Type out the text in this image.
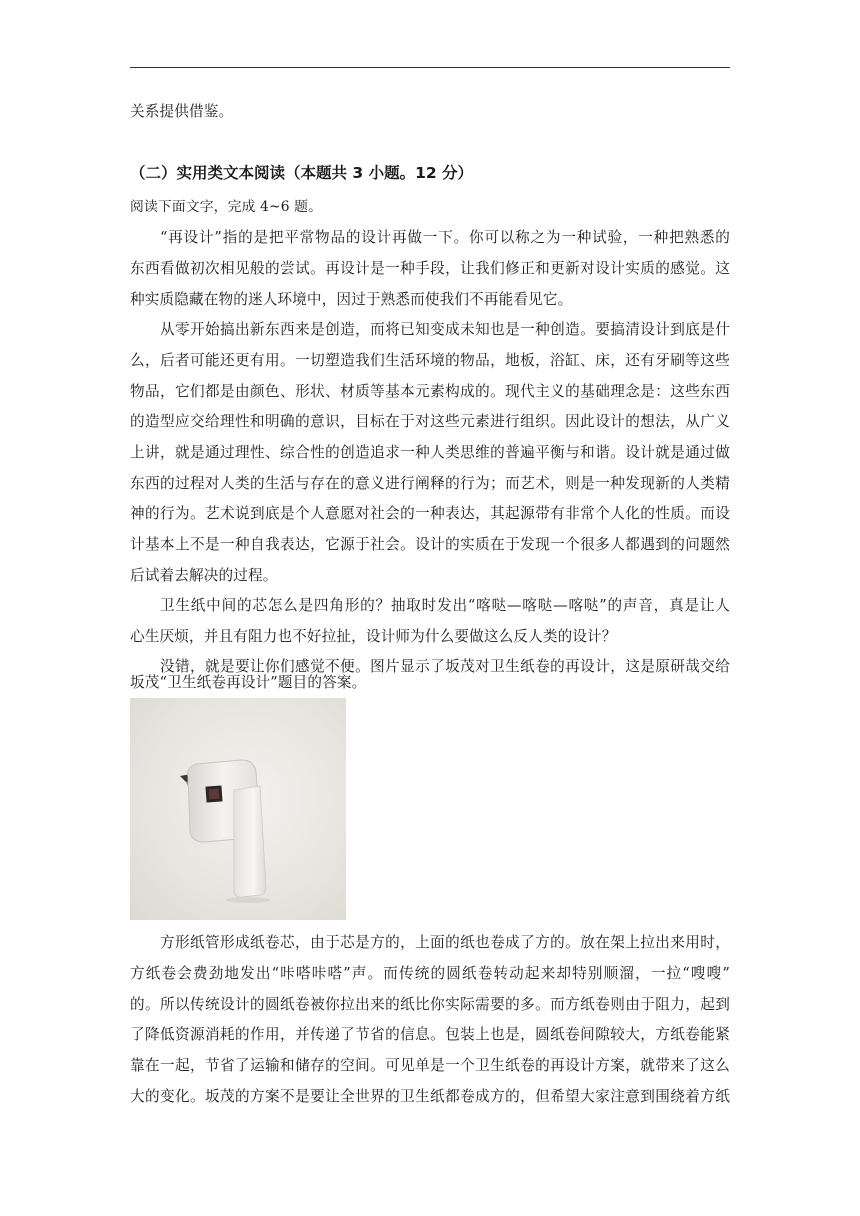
关系提供借鉴。
（二）实用类文本阅读（本题共 3 小题。12 分）
阅读下面文字，完成 4~6 题。
“再设计”指的是把平常物品的设计再做一下。你可以称之为一种试验，一种把熟悉的
东西看做初次相见般的尝试。再设计是一种手段，让我们修正和更新对设计实质的感觉。这
种实质隐藏在物的迷人环境中，因过于熟悉而使我们不再能看见它。
从零开始搞出新东西来是创造，而将已知变成未知也是一种创造。要搞清设计到底是什
么，后者可能还更有用。一切塑造我们生活环境的物品，地板，浴缸、床，还有牙刷等这些
物品，它们都是由颜色、形状、材质等基本元素构成的。现代主义的基础理念是：这些东西
的造型应交给理性和明确的意识，目标在于对这些元素进行组织。因此设计的想法，从广义
上讲，就是通过理性、综合性的创造追求一种人类思维的普遍平衡与和谐。设计就是通过做
东西的过程对人类的生活与存在的意义进行阐释的行为；而艺术，则是一种发现新的人类精
神的行为。艺术说到底是个人意愿对社会的一种表达，其起源带有非常个人化的性质。而设
计基本上不是一种自我表达，它源于社会。设计的实质在于发现一个很多人都遇到的问题然
后试着去解决的过程。
卫生纸中间的芯怎么是四角形的？抽取时发出“喀哒—喀哒—喀哒”的声音，真是让人
心生厌烦，并且有阻力也不好拉扯，设计师为什么要做这么反人类的设计？
没错，就是要让你们感觉不便。图片显示了坂茂对卫生纸卷的再设计，这是原研哉交给
坂茂“卫生纸卷再设计”题目的答案。
方形纸管形成纸卷芯，由于芯是方的，上面的纸也卷成了方的。放在架上拉出来用时，
方纸卷会费劲地发出“咔嗒咔嗒”声。而传统的圆纸卷转动起来却特别顺溜，一拉“嗖嗖”
的。所以传统设计的圆纸卷被你拉出来的纸比你实际需要的多。而方纸卷则由于阻力，起到
了降低资源消耗的作用，并传递了节省的信息。包装上也是，圆纸卷间隙较大，方纸卷能紧
靠在一起，节省了运输和储存的空间。可见单是一个卫生纸卷的再设计方案，就带来了这么
大的变化。坂茂的方案不是要让全世界的卫生纸都卷成方的，但希望大家注意到围绕着方纸
